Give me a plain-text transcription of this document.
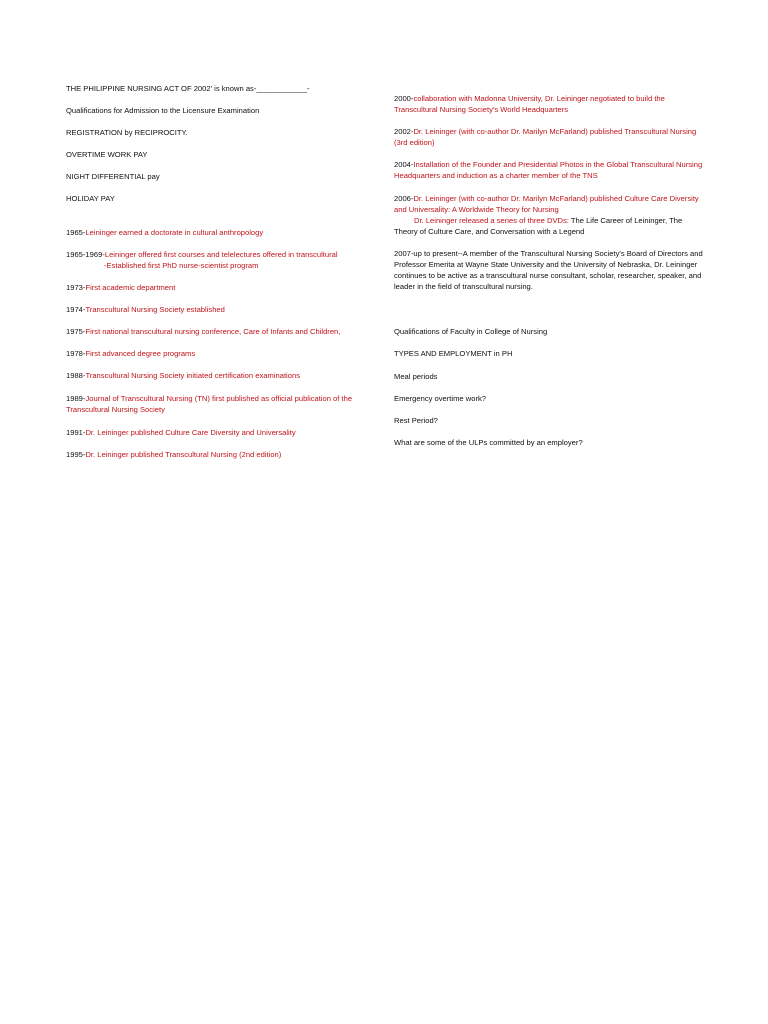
THE PHILIPPINE NURSING ACT OF 2002' is known as-____________-

Qualifications for Admission to the Licensure Examination

REGISTRATION by RECIPROCITY.

OVERTIME WORK PAY

NIGHT DIFFERENTIAL pay

HOLIDAY PAY

1965-Leininger earned a doctorate in cultural anthropology

1965-1969-Leininger offered first courses and telelectures offered in transcultural
-Established first PhD nurse-scientist program

1973-First academic department

1974-Transcultural Nursing Society established

1975-First national transcultural nursing conference, Care of Infants and Children,

1978-First advanced degree programs

1988-Transcultural Nursing Society initiated certification examinations

1989-Journal of Transcultural Nursing (TN) first published as official publication of the Transcultural Nursing Society

1991-Dr. Leininger published Culture Care Diversity and Universality

1995-Dr. Leininger published Transcultural Nursing (2nd edition)

2000-collaboration with Madonna University, Dr. Leininger negotiated to build the Transcultural Nursing Society's World Headquarters

2002-Dr. Leininger (with co-author Dr. Marilyn McFarland) published Transcultural Nursing (3rd edition)

2004-Installation of the Founder and Presidential Photos in the Global Transcultural Nursing Headquarters and induction as a charter member of the TNS

2006-Dr. Leininger (with co-author Dr. Marilyn McFarland) published Culture Care Diversity and Universality: A Worldwide Theory for Nursing
Dr. Leininger released a series of three DVDs: The Life Career of Leininger, The Theory of Culture Care, and Conversation with a Legend

2007-up to present--A member of the Transcultural Nursing Society's Board of Directors and Professor Emerita at Wayne State University and the University of Nebraska, Dr. Leininger continues to be active as a transcultural nurse consultant, scholar, researcher, speaker, and leader in the field of transcultural nursing.

Qualifications of Faculty in College of Nursing

TYPES AND EMPLOYMENT in PH

Meal periods

Emergency overtime work?

Rest Period?

What are some of the ULPs committed by an employer?
